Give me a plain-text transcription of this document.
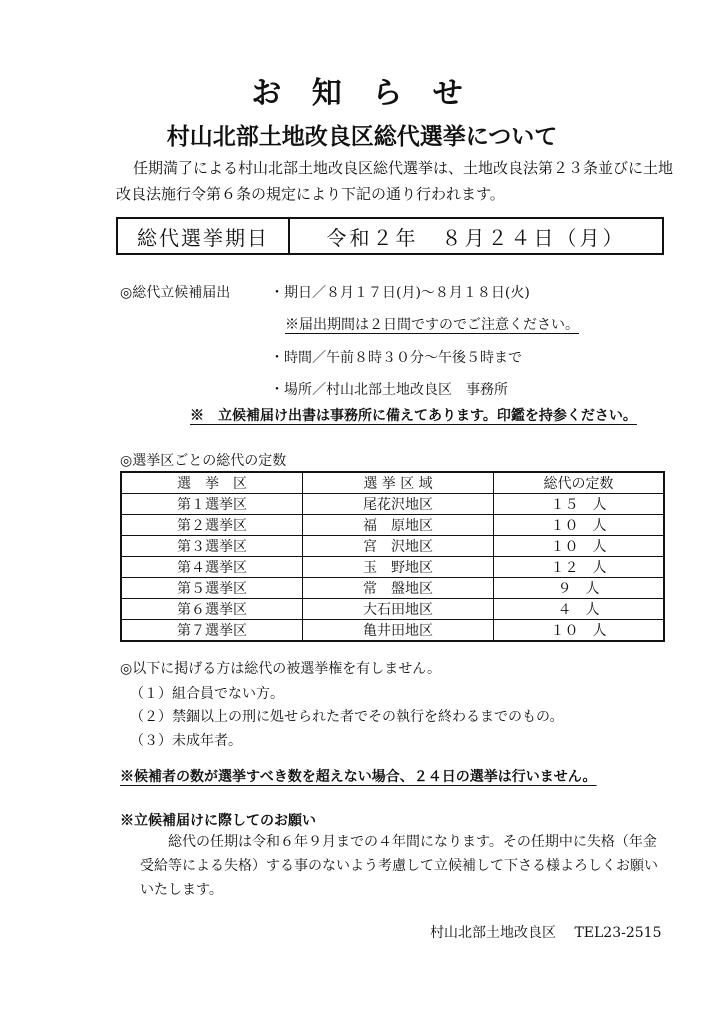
お 知 ら せ
村山北部土地改良区総代選挙について
任期満了による村山北部土地改良区総代選挙は、土地改良法第２３条並びに土地改良法施行令第６条の規定により下記の通り行われます。
総代選挙期日	令和２年　８月２４日（月）
◎総代立候補届出	・期日／８月１７日(月)～８月１８日(火)
※届出期間は２日間ですのでご注意ください。
・時間／午前８時３０分～午後５時まで
・場所／村山北部土地改良区　事務所
※　立候補届け出書は事務所に備えてあります。印鑑を持参ください。
◎選挙区ごとの総代の定数
選　挙　区	選 挙 区 域	総代の定数
第１選挙区	尾花沢地区	１５　人
第２選挙区	福　原地区	１０　人
第３選挙区	宮　沢地区	１０　人
第４選挙区	玉　野地区	１２　人
第５選挙区	常　盤地区	９　人
第６選挙区	大石田地区	４　人
第７選挙区	亀井田地区	１０　人
◎以下に掲げる方は総代の被選挙権を有しません。
（１）組合員でない方。
（２）禁錮以上の刑に処せられた者でその執行を終わるまでのもの。
（３）未成年者。
※候補者の数が選挙すべき数を超えない場合、２４日の選挙は行いません。
※立候補届けに際してのお願い
総代の任期は令和６年９月までの４年間になります。その任期中に失格（年金受給等による失格）する事のないよう考慮して立候補して下さる様よろしくお願いいたします。
村山北部土地改良区 TEL23-2515
